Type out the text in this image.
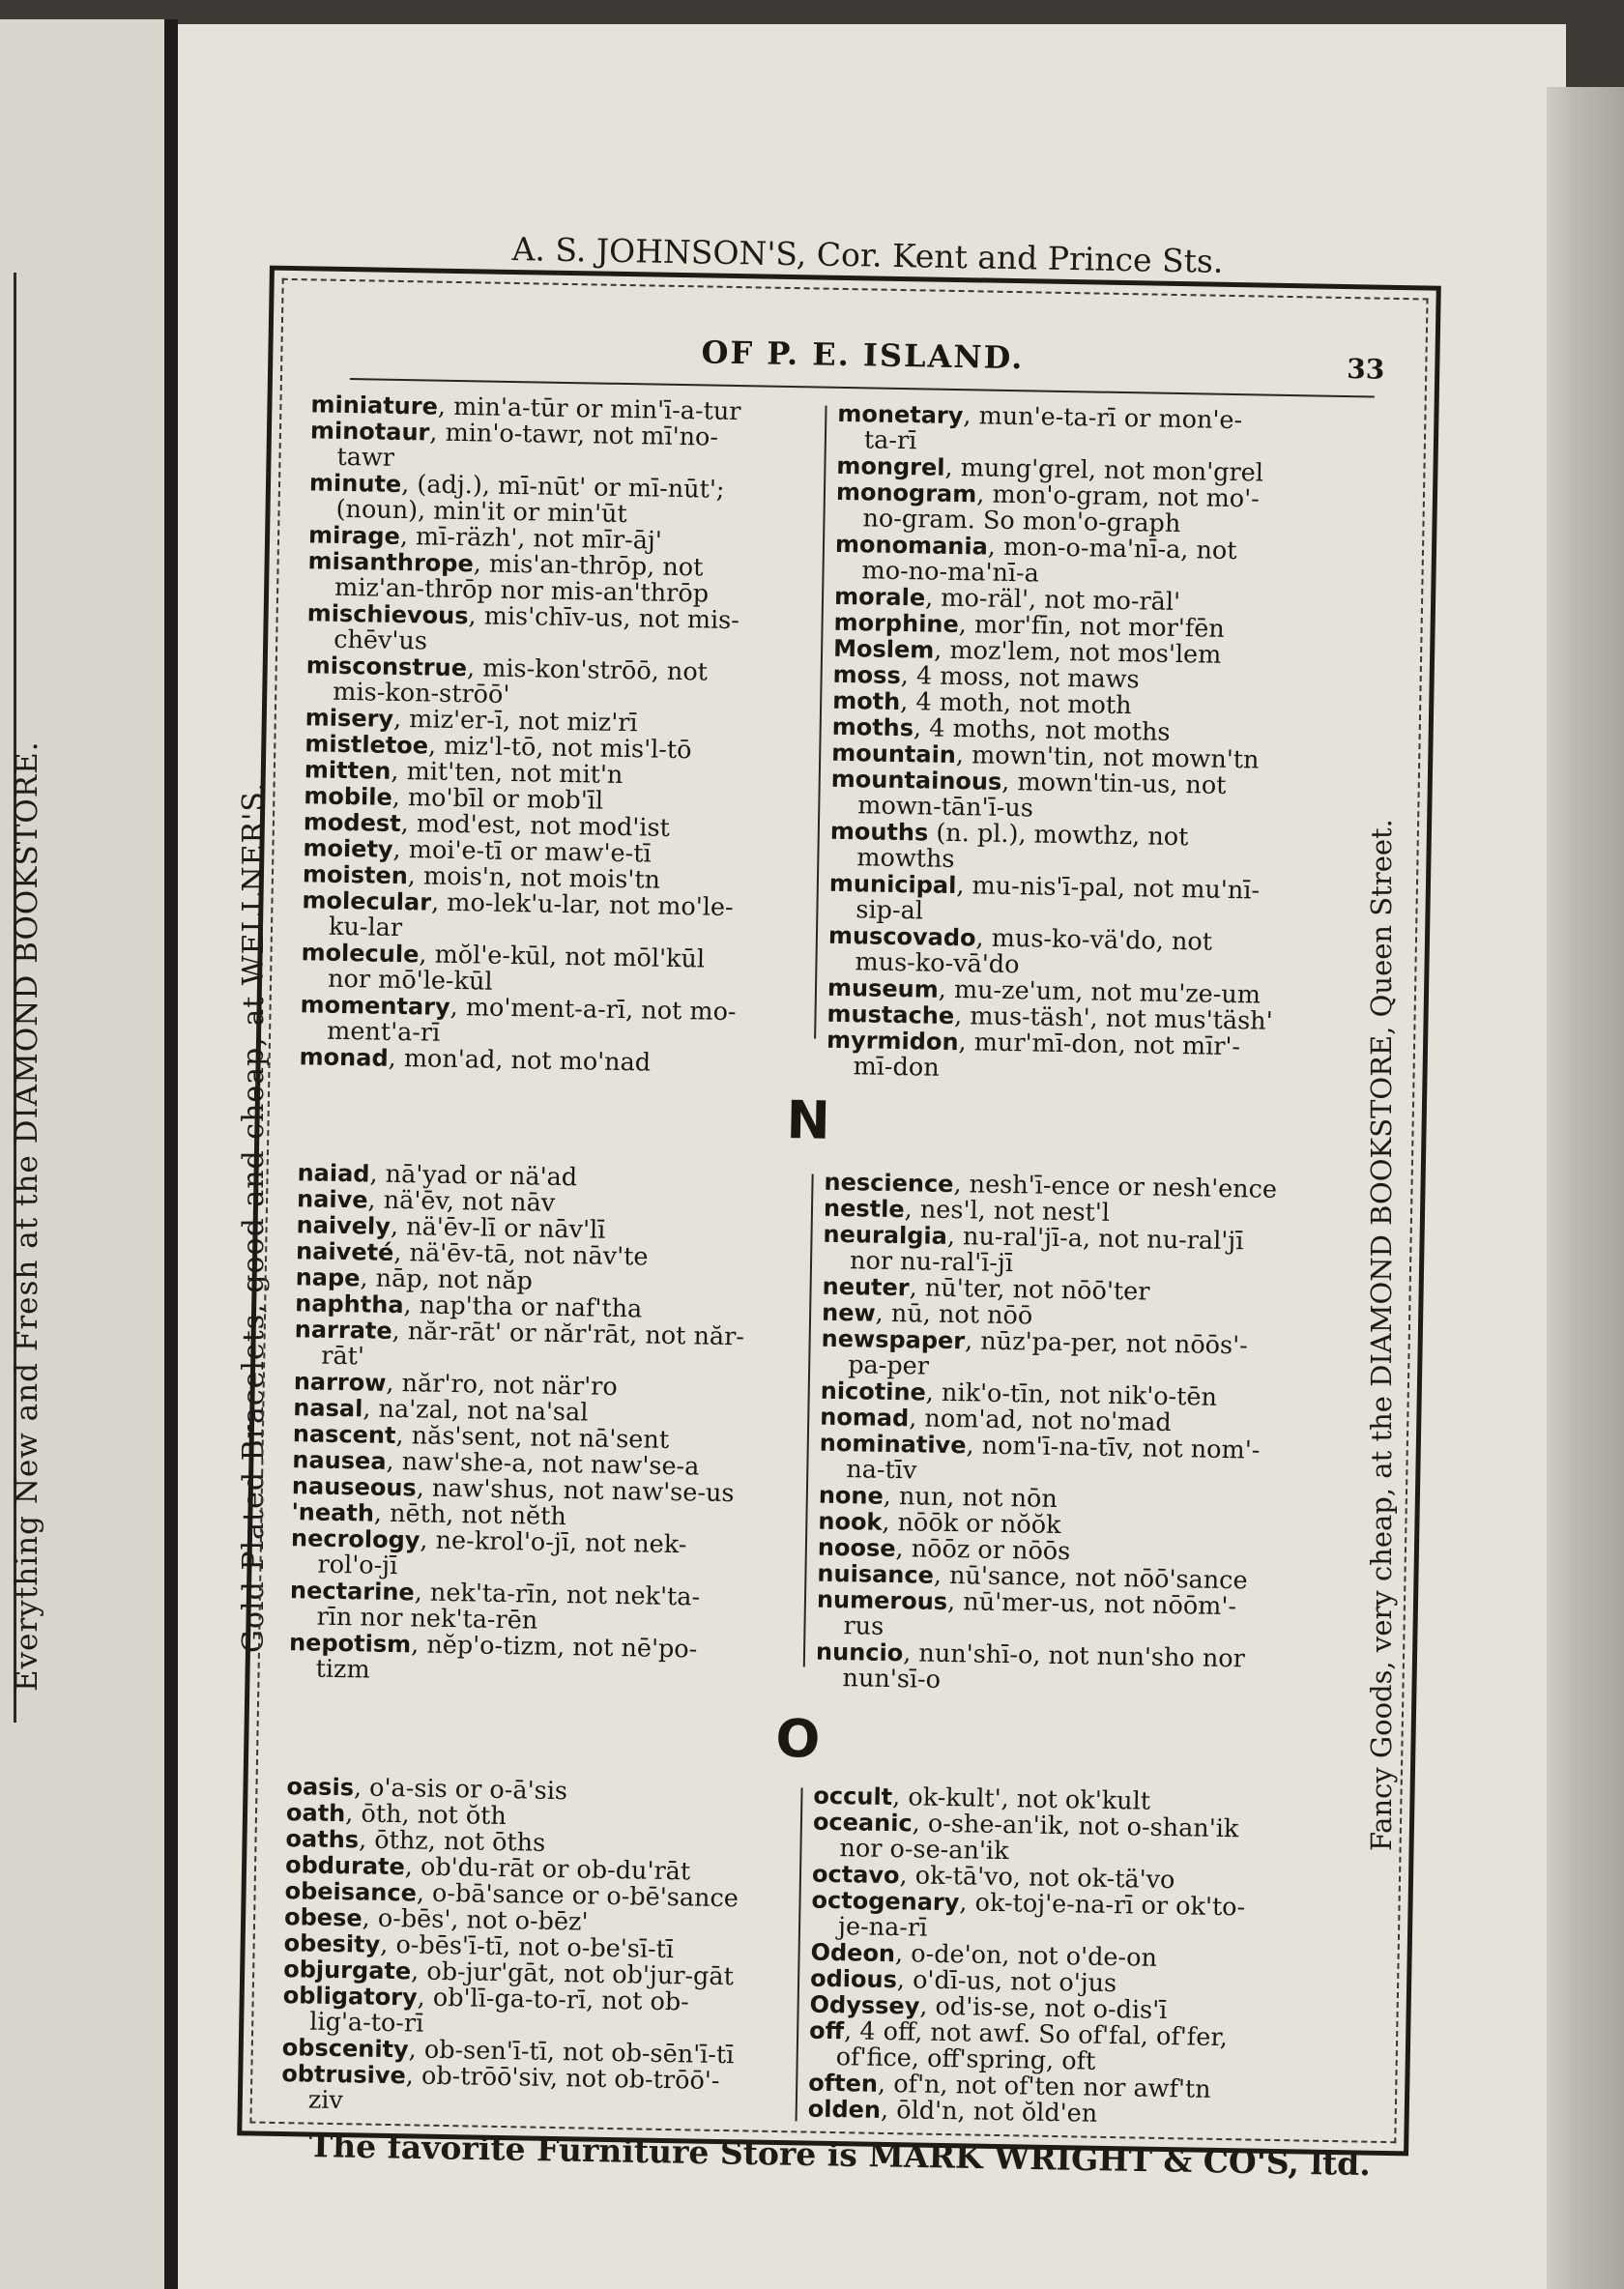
Everything New and Fresh at the DIAMOND BOOKSTORE.	Gold Plated Bracelets, good and cheap, at WELLNER'S.	Fancy Goods, very cheap, at the DIAMOND BOOKSTORE, Queen Street.
A. S. JOHNSON'S, Cor. Kent and Prince Sts.
OF P. E. ISLAND.	33
miniature, min'a-tūr or min'ī-a-tur
minotaur, min'o-tawr, not mī'no-
tawr
minute, (adj.), mī-nūt' or mī-nūt';
(noun), min'it or min'ūt
mirage, mī-räzh', not mīr-āj'
misanthrope, mis'an-thrōp, not
miz'an-thrōp nor mis-an'thrōp
mischievous, mis'chīv-us, not mis-
chēv'us
misconstrue, mis-kon'strōō, not
mis-kon-strōō'
misery, miz'er-ī, not miz'rī
mistletoe, miz'l-tō, not mis'l-tō
mitten, mit'ten, not mit'n
mobile, mo'bīl or mob'īl
modest, mod'est, not mod'ist
moiety, moi'e-tī or maw'e-tī
moisten, mois'n, not mois'tn
molecular, mo-lek'u-lar, not mo'le-
ku-lar
molecule, mŏl'e-kūl, not mōl'kūl
nor mō'le-kūl
momentary, mo'ment-a-rī, not mo-
ment'a-rī
monad, mon'ad, not mo'nad
monetary, mun'e-ta-rī or mon'e-
ta-rī
mongrel, mung'grel, not mon'grel
monogram, mon'o-gram, not mo'-
no-gram. So mon'o-graph
monomania, mon-o-ma'nī-a, not
mo-no-ma'nī-a
morale, mo-räl', not mo-rāl'
morphine, mor'fīn, not mor'fēn
Moslem, moz'lem, not mos'lem
moss, 4 moss, not maws
moth, 4 moth, not moth
moths, 4 moths, not moths
mountain, mown'tin, not mown'tn
mountainous, mown'tin-us, not
mown-tān'ī-us
mouths (n. pl.), mowthz, not
mowths
municipal, mu-nis'ī-pal, not mu'nī-
sip-al
muscovado, mus-ko-vä'do, not
mus-ko-vā'do
museum, mu-ze'um, not mu'ze-um
mustache, mus-täsh', not mus'täsh'
myrmidon, mur'mī-don, not mīr'-
mī-don
N
naiad, nā'yad or nä'ad
naive, nä'ēv, not nāv
naively, nä'ēv-lī or nāv'lī
naiveté, nä'ēv-tā, not nāv'te
nape, nāp, not năp
naphtha, nap'tha or naf'tha
narrate, năr-rāt' or năr'rāt, not năr-
rāt'
narrow, năr'ro, not när'ro
nasal, na'zal, not na'sal
nascent, năs'sent, not nā'sent
nausea, naw'she-a, not naw'se-a
nauseous, naw'shus, not naw'se-us
'neath, nēth, not nĕth
necrology, ne-krol'o-jī, not nek-
rol'o-jī
nectarine, nek'ta-rīn, not nek'ta-
rīn nor nek'ta-rēn
nepotism, nĕp'o-tizm, not nē'po-
tizm
nescience, nesh'ī-ence or nesh'ence
nestle, nes'l, not nest'l
neuralgia, nu-ral'jī-a, not nu-ral'jī
nor nu-ral'ī-jī
neuter, nū'ter, not nōō'ter
new, nū, not nōō
newspaper, nūz'pa-per, not nōōs'-
pa-per
nicotine, nik'o-tīn, not nik'o-tēn
nomad, nom'ad, not no'mad
nominative, nom'ī-na-tīv, not nom'-
na-tīv
none, nun, not nōn
nook, nōōk or nŏŏk
noose, nōōz or nōōs
nuisance, nū'sance, not nōō'sance
numerous, nū'mer-us, not nōōm'-
rus
nuncio, nun'shī-o, not nun'sho nor
nun'sī-o
O
oasis, o'a-sis or o-ā'sis
oath, ōth, not ŏth
oaths, ōthz, not ōths
obdurate, ob'du-rāt or ob-du'rāt
obeisance, o-bā'sance or o-bē'sance
obese, o-bēs', not o-bēz'
obesity, o-bēs'ī-tī, not o-be'sī-tī
objurgate, ob-jur'gāt, not ob'jur-gāt
obligatory, ob'lī-ga-to-rī, not ob-
lig'a-to-rī
obscenity, ob-sen'ī-tī, not ob-sēn'ī-tī
obtrusive, ob-trōō'siv, not ob-trōō'-
ziv
occult, ok-kult', not ok'kult
oceanic, o-she-an'ik, not o-shan'ik
nor o-se-an'ik
octavo, ok-tā'vo, not ok-tä'vo
octogenary, ok-toj'e-na-rī or ok'to-
je-na-rī
Odeon, o-de'on, not o'de-on
odious, o'dī-us, not o'jus
Odyssey, od'is-se, not o-dis'ī
off, 4 off, not awf. So of'fal, of'fer,
of'fice, off'spring, oft
often, of'n, not of'ten nor awf'tn
olden, ōld'n, not ŏld'en
The favorite Furniture Store is MARK WRIGHT & CO'S, ltd.
